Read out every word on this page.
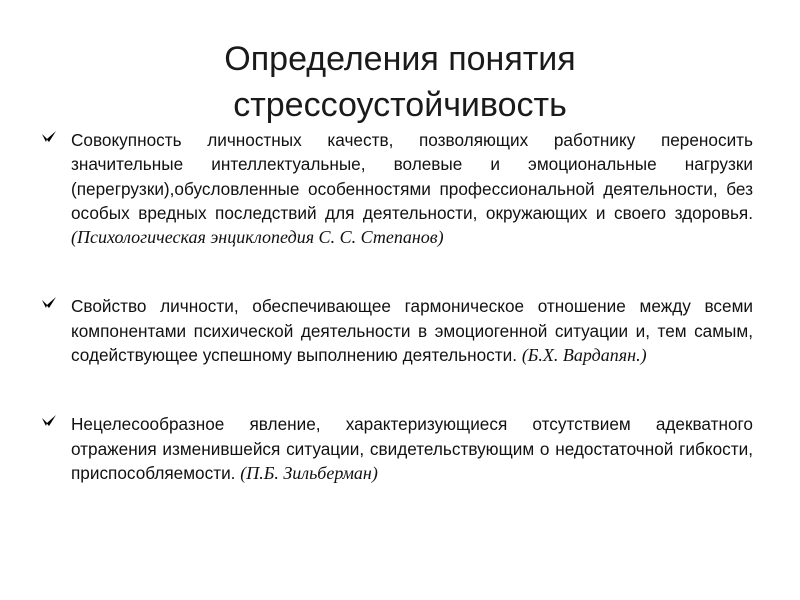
Определения понятия
стрессоустойчивость
Совокупность личностных качеств, позволяющих работнику переносить значительные интеллектуальные, волевые и эмоциональные нагрузки (перегрузки),обусловленные особенностями профессиональной деятельности, без особых вредных последствий для деятельности, окружающих и своего здоровья. (Психологическая энциклопедия С. С. Степанов)
Свойство личности, обеспечивающее гармоническое отношение между всеми компонентами психической деятельности в эмоциогенной ситуации и, тем самым, содействующее успешному выполнению деятельности. (Б.Х. Вардanян.)
Нецелесообразное явление, характеризующиеся отсутствием адекватного отражения изменившейся ситуации, свидетельствующим о недостаточной гибкости, приспособляемости. (П.Б. Зильберман)
